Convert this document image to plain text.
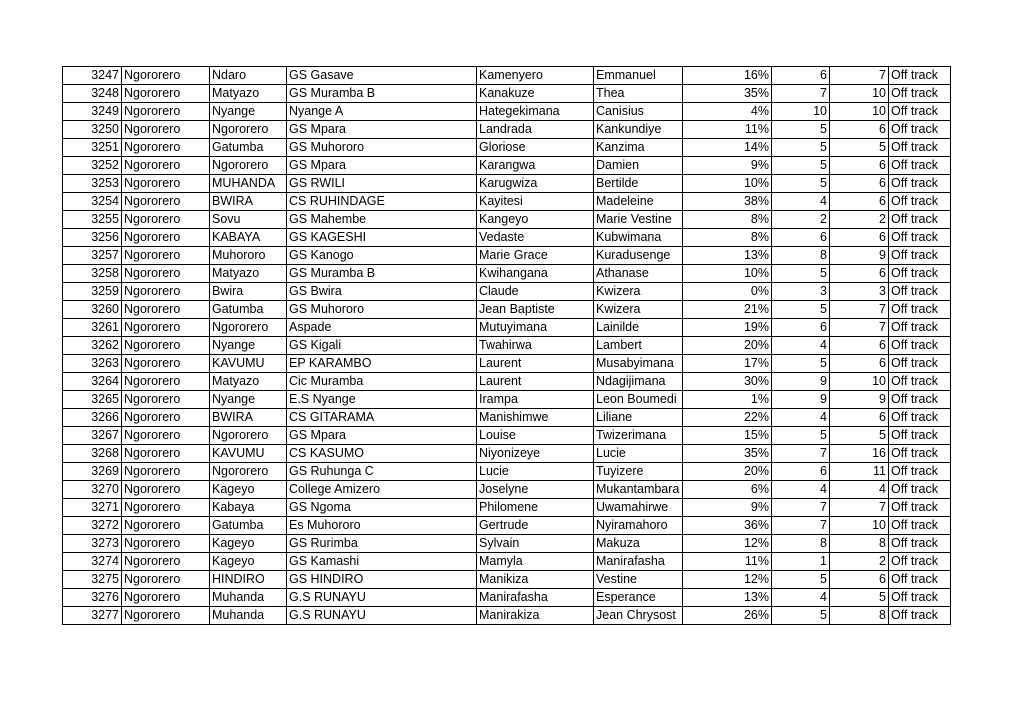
3247	Ngororero	Ndaro	GS Gasave	Kamenyero	Emmanuel	16%	6	7	Off track
3248	Ngororero	Matyazo	GS Muramba B	Kanakuze	Thea	35%	7	10	Off track
3249	Ngororero	Nyange	Nyange A	Hategekimana	Canisius	4%	10	10	Off track
3250	Ngororero	Ngororero	GS Mpara	Landrada	Kankundiye	11%	5	6	Off track
3251	Ngororero	Gatumba	GS Muhororo	Gloriose	Kanzima	14%	5	5	Off track
3252	Ngororero	Ngororero	GS Mpara	Karangwa	Damien	9%	5	6	Off track
3253	Ngororero	MUHANDA	GS RWILI	Karugwiza	Bertilde	10%	5	6	Off track
3254	Ngororero	BWIRA	CS RUHINDAGE	Kayitesi	Madeleine	38%	4	6	Off track
3255	Ngororero	Sovu	GS Mahembe	Kangeyo	Marie Vestine	8%	2	2	Off track
3256	Ngororero	KABAYA	GS KAGESHI	Vedaste	Kubwimana	8%	6	6	Off track
3257	Ngororero	Muhororo	GS Kanogo	Marie Grace	Kuradusenge	13%	8	9	Off track
3258	Ngororero	Matyazo	GS Muramba B	Kwihangana	Athanase	10%	5	6	Off track
3259	Ngororero	Bwira	GS Bwira	Claude	Kwizera	0%	3	3	Off track
3260	Ngororero	Gatumba	GS Muhororo	Jean Baptiste	Kwizera	21%	5	7	Off track
3261	Ngororero	Ngororero	Aspade	Mutuyimana	Lainilde	19%	6	7	Off track
3262	Ngororero	Nyange	GS Kigali	Twahirwa	Lambert	20%	4	6	Off track
3263	Ngororero	KAVUMU	EP KARAMBO	Laurent	Musabyimana	17%	5	6	Off track
3264	Ngororero	Matyazo	Cic Muramba	Laurent	Ndagijimana	30%	9	10	Off track
3265	Ngororero	Nyange	E.S Nyange	Irampa	Leon Boumedi	1%	9	9	Off track
3266	Ngororero	BWIRA	CS GITARAMA	Manishimwe	Liliane	22%	4	6	Off track
3267	Ngororero	Ngororero	GS Mpara	Louise	Twizerimana	15%	5	5	Off track
3268	Ngororero	KAVUMU	CS KASUMO	Niyonizeye	Lucie	35%	7	16	Off track
3269	Ngororero	Ngororero	GS Ruhunga C	Lucie	Tuyizere	20%	6	11	Off track
3270	Ngororero	Kageyo	College Amizero	Joselyne	Mukantambara	6%	4	4	Off track
3271	Ngororero	Kabaya	GS Ngoma	Philomene	Uwamahirwe	9%	7	7	Off track
3272	Ngororero	Gatumba	Es Muhororo	Gertrude	Nyiramahoro	36%	7	10	Off track
3273	Ngororero	Kageyo	GS Rurimba	Sylvain	Makuza	12%	8	8	Off track
3274	Ngororero	Kageyo	GS Kamashi	Mamyla	Manirafasha	11%	1	2	Off track
3275	Ngororero	HINDIRO	GS HINDIRO	Manikiza	Vestine	12%	5	6	Off track
3276	Ngororero	Muhanda	G.S RUNAYU	Manirafasha	Esperance	13%	4	5	Off track
3277	Ngororero	Muhanda	G.S RUNAYU	Manirakiza	Jean Chrysost	26%	5	8	Off track
